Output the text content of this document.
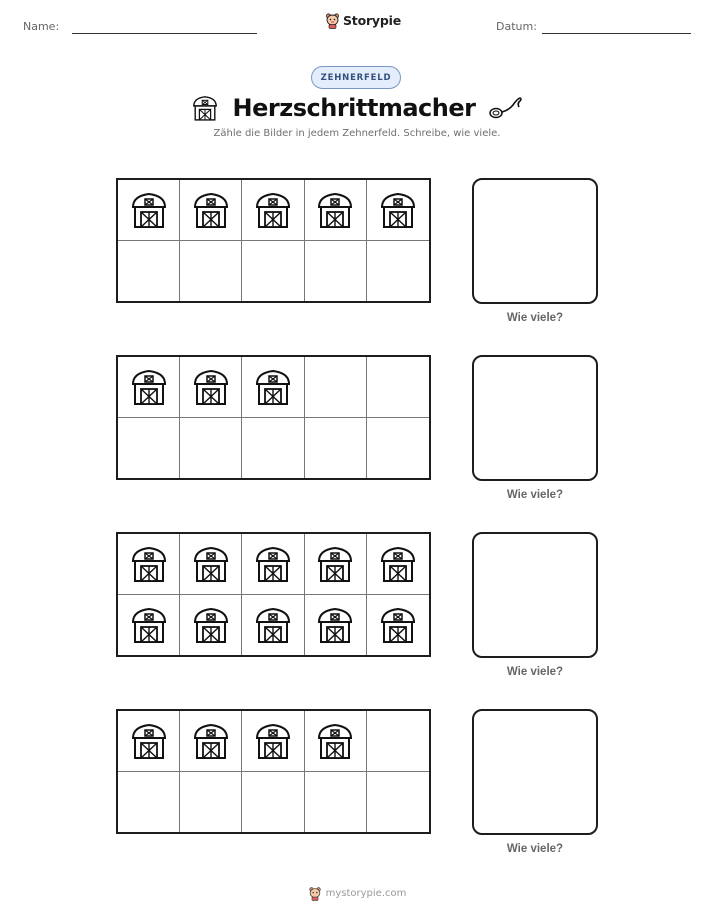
Name:	Storypie	Datum:
ZEHNERFELD
Herzschrittmacher
Zähle die Bilder in jedem Zehnerfeld. Schreibe, wie viele.
Wie viele?
Wie viele?
Wie viele?
Wie viele?
mystorypie.com
